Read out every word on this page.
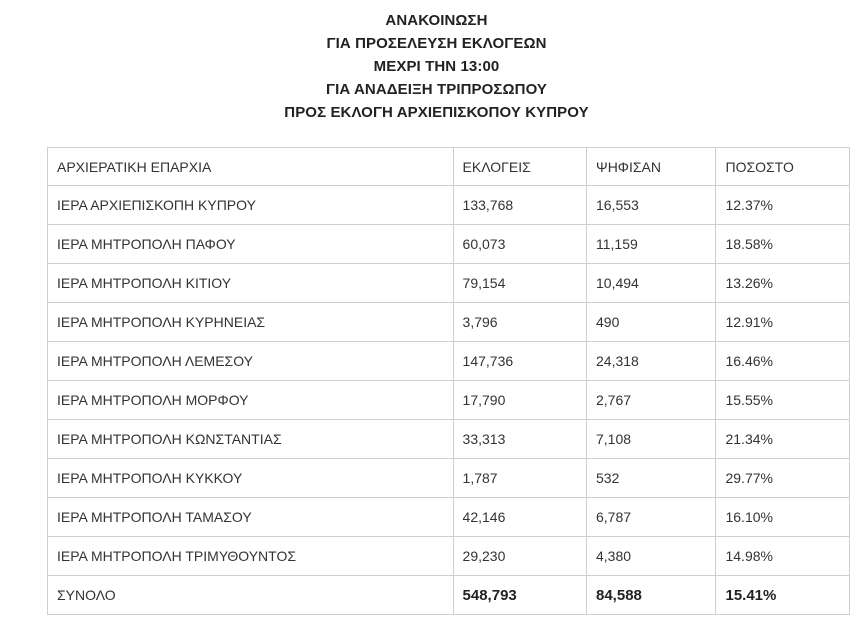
ΑΝΑΚΟΙΝΩΣΗ
ΓΙΑ ΠΡΟΣΕΛΕΥΣΗ ΕΚΛΟΓΕΩΝ
ΜΕΧΡΙ ΤΗΝ 13:00
ΓΙΑ ΑΝΑΔΕΙΞΗ ΤΡΙΠΡΟΣΩΠΟΥ
ΠΡΟΣ ΕΚΛΟΓΗ ΑΡΧΙΕΠΙΣΚΟΠΟΥ ΚΥΠΡΟΥ
ΑΡΧΙΕΡΑΤΙΚΗ ΕΠΑΡΧΙΑ	ΕΚΛΟΓΕΙΣ	ΨΗΦΙΣΑΝ	ΠΟΣΟΣΤΟ
ΙΕΡΑ ΑΡΧΙΕΠΙΣΚΟΠΗ ΚΥΠΡΟΥ	133,768	16,553	12.37%
ΙΕΡΑ ΜΗΤΡΟΠΟΛΗ ΠΑΦΟΥ	60,073	11,159	18.58%
ΙΕΡΑ ΜΗΤΡΟΠΟΛΗ ΚΙΤΙΟΥ	79,154	10,494	13.26%
ΙΕΡΑ ΜΗΤΡΟΠΟΛΗ ΚΥΡΗΝΕΙΑΣ	3,796	490	12.91%
ΙΕΡΑ ΜΗΤΡΟΠΟΛΗ ΛΕΜΕΣΟΥ	147,736	24,318	16.46%
ΙΕΡΑ ΜΗΤΡΟΠΟΛΗ ΜΟΡΦΟΥ	17,790	2,767	15.55%
ΙΕΡΑ ΜΗΤΡΟΠΟΛΗ ΚΩΝΣΤΑΝΤΙΑΣ	33,313	7,108	21.34%
ΙΕΡΑ ΜΗΤΡΟΠΟΛΗ ΚΥΚΚΟΥ	1,787	532	29.77%
ΙΕΡΑ ΜΗΤΡΟΠΟΛΗ ΤΑΜΑΣΟΥ	42,146	6,787	16.10%
ΙΕΡΑ ΜΗΤΡΟΠΟΛΗ ΤΡΙΜΥΘΟΥΝΤΟΣ	29,230	4,380	14.98%
ΣΥΝΟΛΟ	548,793	84,588	15.41%
